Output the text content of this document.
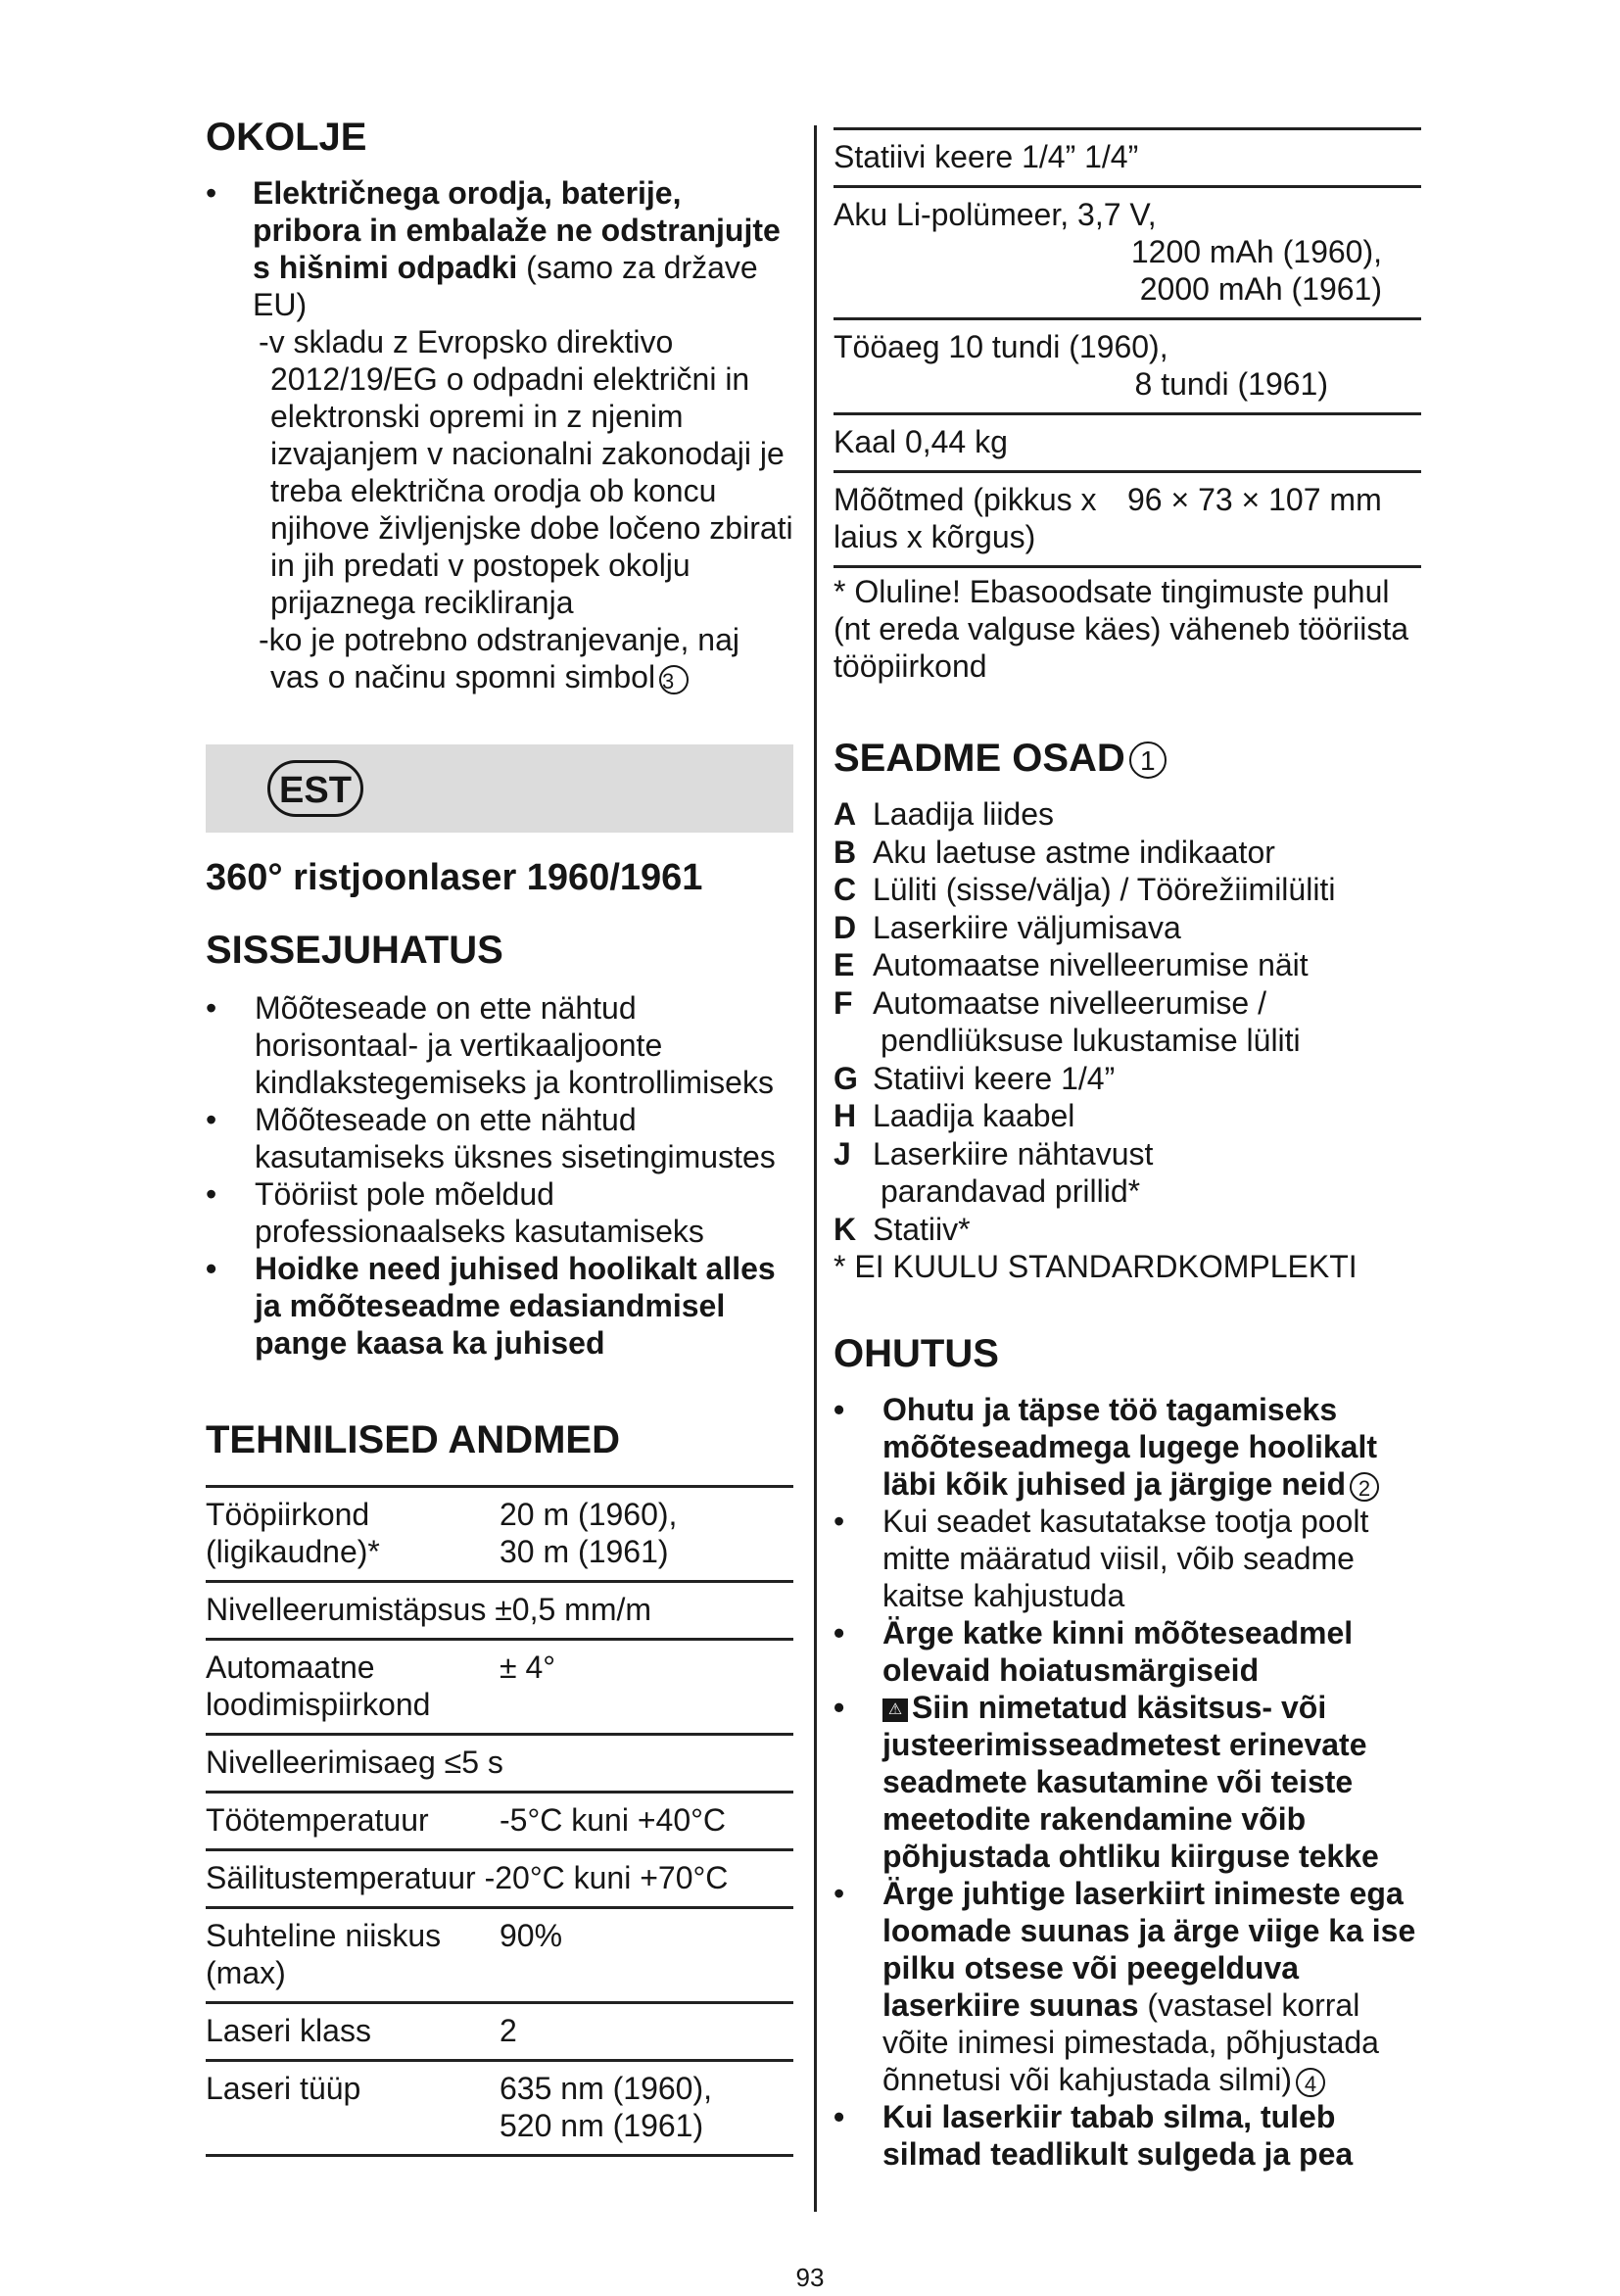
OKOLJE
• Električnega orodja, baterije, pribora in embalaže ne odstranjujte s hišnimi odpadki (samo za države EU)
-v skladu z Evropsko direktivo 2012/19/EG o odpadni električni in elektronski opremi in z njenim izvajanjem v nacionalni zakonodaji je treba električna orodja ob koncu njihove življenjske dobe ločeno zbirati in jih predati v postopek okolju prijaznega recikliranja
-ko je potrebno odstranjevanje, naj vas o načinu spomni simbol 3
EST
360° ristjoonlaser 1960/1961
SISSEJUHATUS
• Mõõteseade on ette nähtud horisontaal- ja vertikaaljoonte kindlakstegemiseks ja kontrollimiseks
• Mõõteseade on ette nähtud kasutamiseks üksnes sisetingimustes
• Tööriist pole mõeldud professionaalseks kasutamiseks
• Hoidke need juhised hoolikalt alles ja mõõteseadme edasiandmisel pange kaasa ka juhised
TEHNILISED ANDMED
Tööpiirkond (ligikaudne)*	20 m (1960),
30 m (1961)
Nivelleerumistäpsus ±0,5 mm/m	
Automaatne loodimispiirkond	± 4°
Nivelleerimisaeg ≤5 s	
Töötemperatuur	-5°C kuni +40°C
Säilitustemperatuur -20°C kuni +70°C	
Suhteline niiskus (max)	90%
Laseri klass	2
Laseri tüüp	635 nm (1960),
520 nm (1961)
Statiivi keere 1/4” 1/4”
Aku Li-polümeer, 3,7 V,
1200 mAh (1960),
2000 mAh (1961)
Tööaeg 10 tundi (1960),
8 tundi (1961)
Kaal 0,44 kg
Mõõtmed (pikkus x laius x kõrgus)
96 × 73 × 107 mm
* Oluline! Ebasoodsate tingimuste puhul (nt ereda valguse käes) väheneb tööriista tööpiirkond
SEADME OSAD 1
A Laadija liides
B Aku laetuse astme indikaator
C Lüliti (sisse/välja) / Töörežiimilüliti
D Laserkiire väljumisava
E Automaatse nivelleerumise näit
F Automaatse nivelleerumise /
pendliüksuse lukustamise lüliti
G Statiivi keere 1/4”
H Laadija kaabel
J Laserkiire nähtavust
parandavad prillid*
K Statiiv*
* EI KUULU STANDARDKOMPLEKTI
OHUTUS
• Ohutu ja täpse töö tagamiseks mõõteseadmega lugege hoolikalt läbi kõik juhised ja järgige neid 2
• Kui seadet kasutatakse tootja poolt mitte määratud viisil, võib seadme kaitse kahjustuda
• Ärge katke kinni mõõteseadmel olevaid hoiatusmärgiseid
• ⚠ Siin nimetatud käsitsus- või justeerimisseadmetest erinevate seadmete kasutamine või teiste meetodite rakendamine võib põhjustada ohtliku kiirguse tekke
• Ärge juhtige laserkiirt inimeste ega loomade suunas ja ärge viige ka ise pilku otsese või peegelduva laserkiire suunas (vastasel korral võite inimesi pimestada, põhjustada õnnetusi või kahjustada silmi) 4
• Kui laserkiir tabab silma, tuleb silmad teadlikult sulgeda ja pea
93
